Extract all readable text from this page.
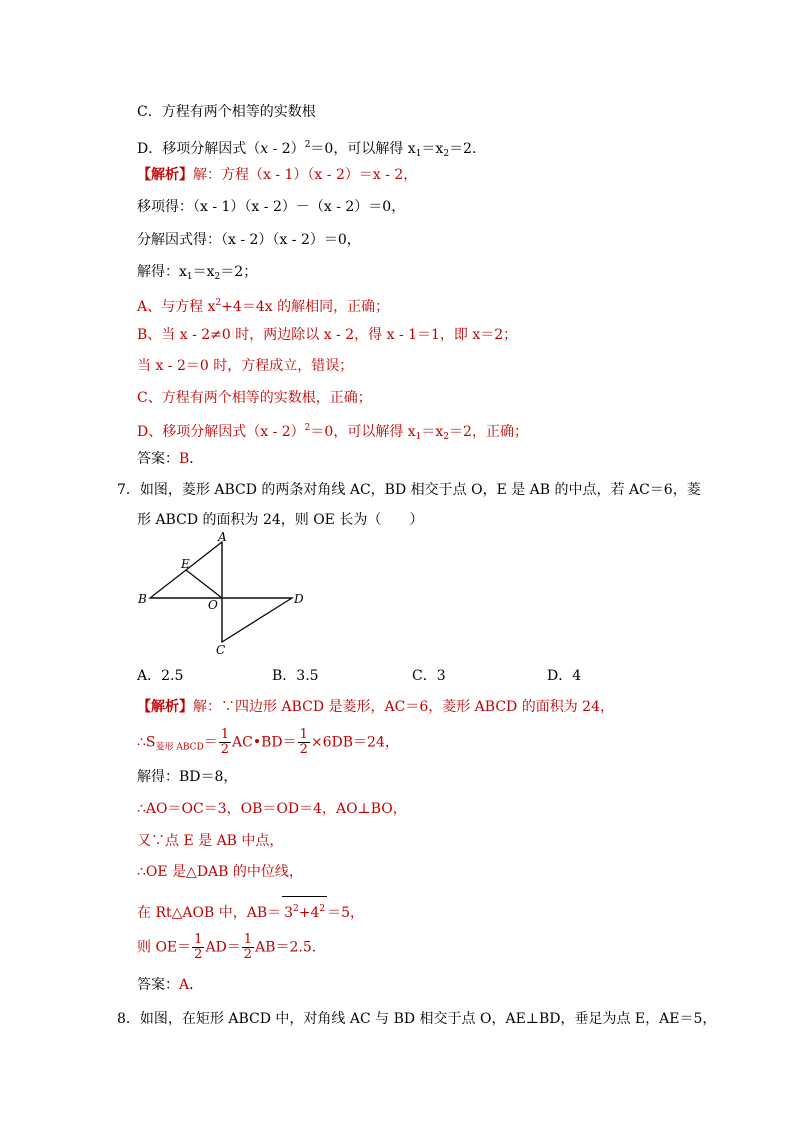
C．方程有两个相等的实数根
D．移项分解因式（x - 2）$^2$＝0，可以解得 $x_1=x_2=2$．
【解析】解：方程（x - 1）（x - 2）＝x - 2，
移项得：（x - 1）（x - 2）－（x - 2）＝0，
分解因式得：（x - 2）（x - 2）＝0，
解得：$x_1=x_2=2$；
A、与方程 $x^2+4=4x$ 的解相同，正确；
B、当 x - 2≠0 时，两边除以 x - 2，得 x - 1＝1，即 x＝2；
当 x - 2＝0 时，方程成立，错误；
C、方程有两个相等的实数根，正确；
D、移项分解因式（x - 2）$^2$＝0，可以解得 $x_1=x_2=2$，正确；
答案：B．
7．如图，菱形 ABCD 的两条对角线 AC，BD 相交于点 O，E 是 AB 的中点，若 AC＝6，菱
形 ABCD 的面积为 24，则 OE 长为（　　）
A
B
C
D
E
O
A．2.5	B．3.5	C．3	D．4
【解析】解：∵四边形 ABCD 是菱形，AC＝6，菱形 ABCD 的面积为 24，
$\therefore S_{菱形 ABCD}= \frac{1}{2}$ AC•BD＝ $\frac{1}{2} \times 6DB=24$，
解得：BD＝8，
∴AO＝OC＝3，OB＝OD＝4，AO⊥BO，
又∵点 E 是 AB 中点，
∴OE 是△DAB 的中位线，
在 Rt△AOB 中，$AB= 3^2+4^2 =5$，
则 $OE= \frac{1}{2} AD= \frac{1}{2} AB=2.5$．
答案：A．
8．如图，在矩形 ABCD 中，对角线 AC 与 BD 相交于点 O，AE⊥BD，垂足为点 E，AE＝5，
